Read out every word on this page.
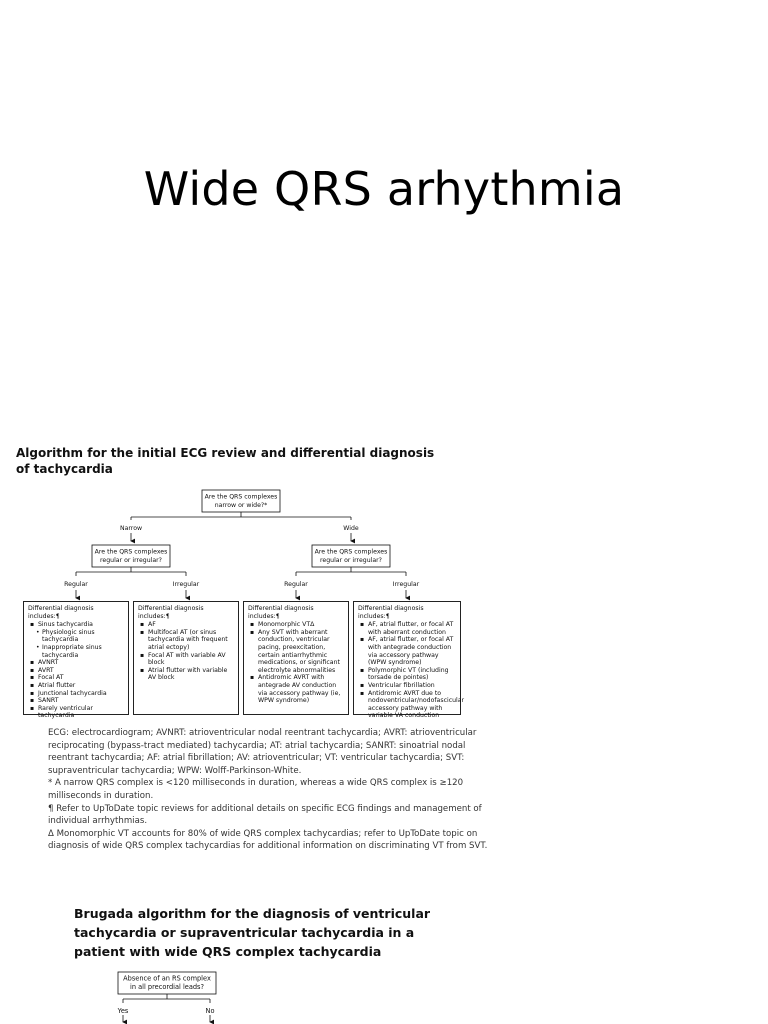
Wide QRS arhythmia
Algorithm for the initial ECG review and differential diagnosis of tachycardia
Are the QRS complexes
narrow or wide?*
Narrow	Wide
Are the QRS complexes
regular or irregular?
Are the QRS complexes
regular or irregular?
Regular	Irregular	Regular	Irregular
Absence of an RS complex
in all precordial leads?
Yes	No
Differential diagnosis includes:¶
▪ Sinus tachycardia
• Physiologic sinus tachycardia
• Inappropriate sinus tachycardia
▪ AVNRT
▪ AVRT
▪ Focal AT
▪ Atrial flutter
▪ Junctional tachycardia
▪ SANRT
▪ Rarely ventricular tachycardia
Differential diagnosis includes:¶
▪ AF
▪ Multifocal AT (or sinus tachycardia with frequent atrial ectopy)
▪ Focal AT with variable AV block
▪ Atrial flutter with variable AV block
Differential diagnosis includes:¶
▪ Monomorphic VTΔ
▪ Any SVT with aberrant conduction, ventricular pacing, preexcitation, certain antiarrhythmic medications, or significant electrolyte abnormalities
▪ Antidromic AVRT with antegrade AV conduction via accessory pathway (ie, WPW syndrome)
Differential diagnosis includes:¶
▪ AF, atrial flutter, or focal AT with aberrant conduction
▪ AF, atrial flutter, or focal AT with antegrade conduction via accessory pathway (WPW syndrome)
▪ Polymorphic VT (including torsade de pointes)
▪ Ventricular fibrillation
▪ Antidromic AVRT due to nodoventricular/nodofascicular accessory pathway with variable VA conduction

ECG: electrocardiogram; AVNRT: atrioventricular nodal reentrant tachycardia; AVRT: atrioventricular reciprocating (bypass-tract mediated) tachycardia; AT: atrial tachycardia; SANRT: sinoatrial nodal reentrant tachycardia; AF: atrial fibrillation; AV: atrioventricular; VT: ventricular tachycardia; SVT: supraventricular tachycardia; WPW: Wolff-Parkinson-White.

* A narrow QRS complex is <120 milliseconds in duration, whereas a wide QRS complex is ≥120 milliseconds in duration.

¶ Refer to UpToDate topic reviews for additional details on specific ECG findings and management of individual arrhythmias.

Δ Monomorphic VT accounts for 80% of wide QRS complex tachycardias; refer to UpToDate topic on diagnosis of wide QRS complex tachycardias for additional information on discriminating VT from SVT.

Brugada algorithm for the diagnosis of ventricular tachycardia or supraventricular tachycardia in a patient with wide QRS complex tachycardia
